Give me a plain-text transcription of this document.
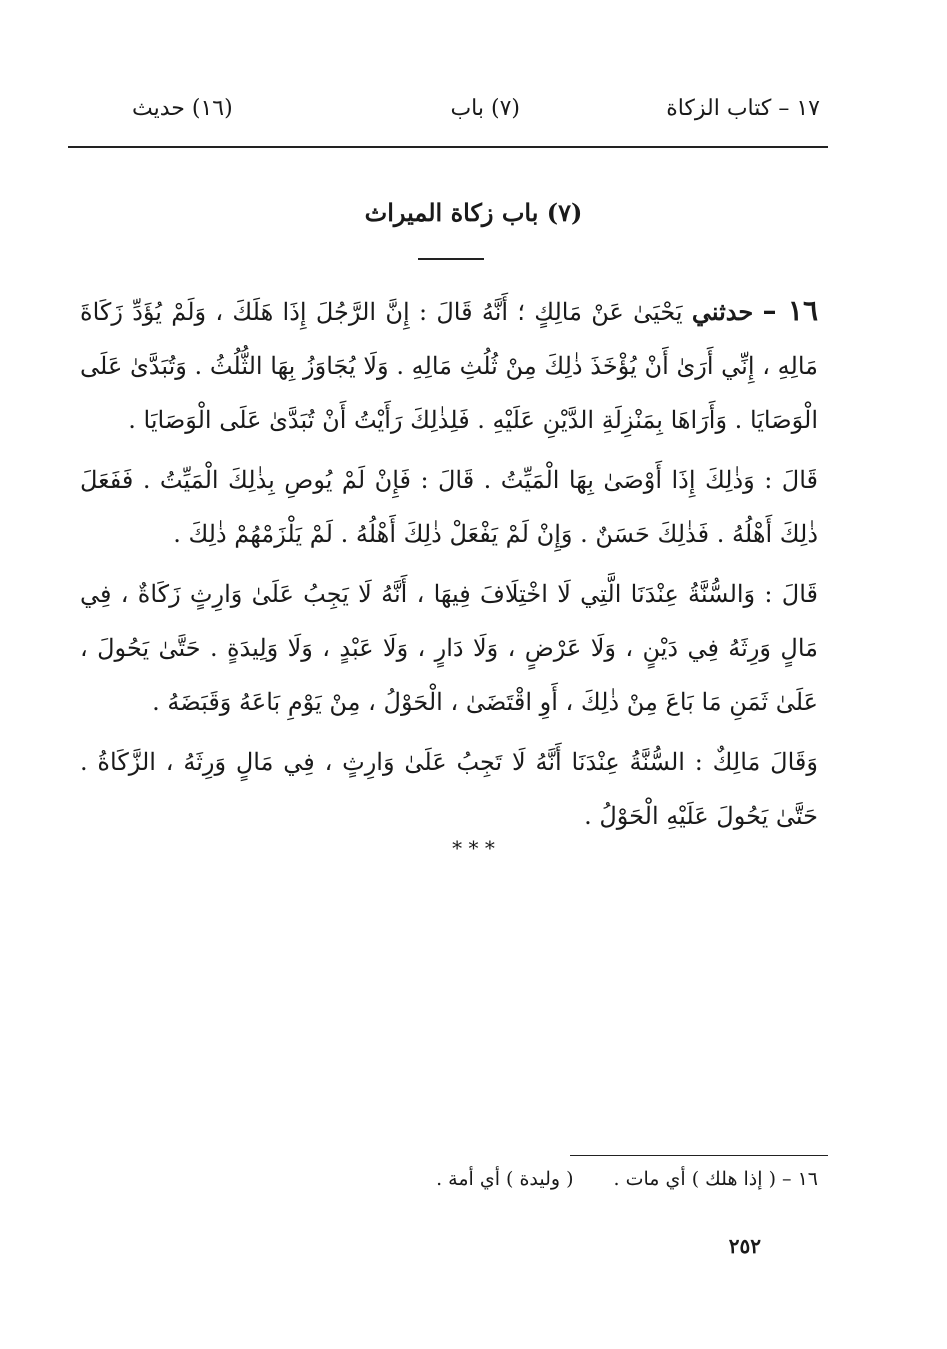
١٧ – كتاب الزكاة
(٧) باب
(١٦) حديث
(٧) باب زكاة الميراث

١٦ – حدثني يَحْيَىٰ عَنْ مَالِكٍ ؛ أَنَّهُ قَالَ : إِنَّ الرَّجُلَ إِذَا هَلَكَ ، وَلَمْ يُؤَدِّ زَكَاةَ مَالِهِ ، إِنِّي أَرَىٰ أَنْ يُؤْخَذَ ذٰلِكَ مِنْ ثُلُثِ مَالِهِ . وَلَا يُجَاوَزُ بِهَا الثُّلُثُ . وَتُبَدَّىٰ عَلَى الْوَصَايَا . وَأَرَاهَا بِمَنْزِلَةِ الدَّيْنِ عَلَيْهِ . فَلِذٰلِكَ رَأَيْتُ أَنْ تُبَدَّىٰ عَلَى الْوَصَايَا .

قَالَ : وَذٰلِكَ إِذَا أَوْصَىٰ بِهَا الْمَيِّتُ . قَالَ : فَإِنْ لَمْ يُوصِ بِذٰلِكَ الْمَيِّتُ . فَفَعَلَ ذٰلِكَ أَهْلُهُ . فَذٰلِكَ حَسَنٌ . وَإِنْ لَمْ يَفْعَلْ ذٰلِكَ أَهْلُهُ . لَمْ يَلْزَمْهُمْ ذٰلِكَ .

قَالَ : وَالسُّنَّةُ عِنْدَنَا الَّتِي لَا اخْتِلَافَ فِيهَا ، أَنَّهُ لَا يَجِبُ عَلَىٰ وَارِثٍ زَكَاةٌ ، فِي مَالٍ وَرِثَهُ فِي دَيْنٍ ، وَلَا عَرْضٍ ، وَلَا دَارٍ ، وَلَا عَبْدٍ ، وَلَا وَلِيدَةٍ . حَتَّىٰ يَحُولَ ، عَلَىٰ ثَمَنِ مَا بَاعَ مِنْ ذٰلِكَ ، أَوِ اقْتَضَىٰ ، الْحَوْلُ ، مِنْ يَوْمِ بَاعَهُ وَقَبَضَهُ .

وَقَالَ مَالِكٌ : السُّنَّةُ عِنْدَنَا أَنَّهُ لَا تَجِبُ عَلَىٰ وَارِثٍ ، فِي مَالٍ وَرِثَهُ ، الزَّكَاةُ . حَتَّىٰ يَحُولَ عَلَيْهِ الْحَوْلُ .

* * *
١٦ – ( إذا هلك ) أي مات .( وليدة ) أي أمة .
٢٥٢
